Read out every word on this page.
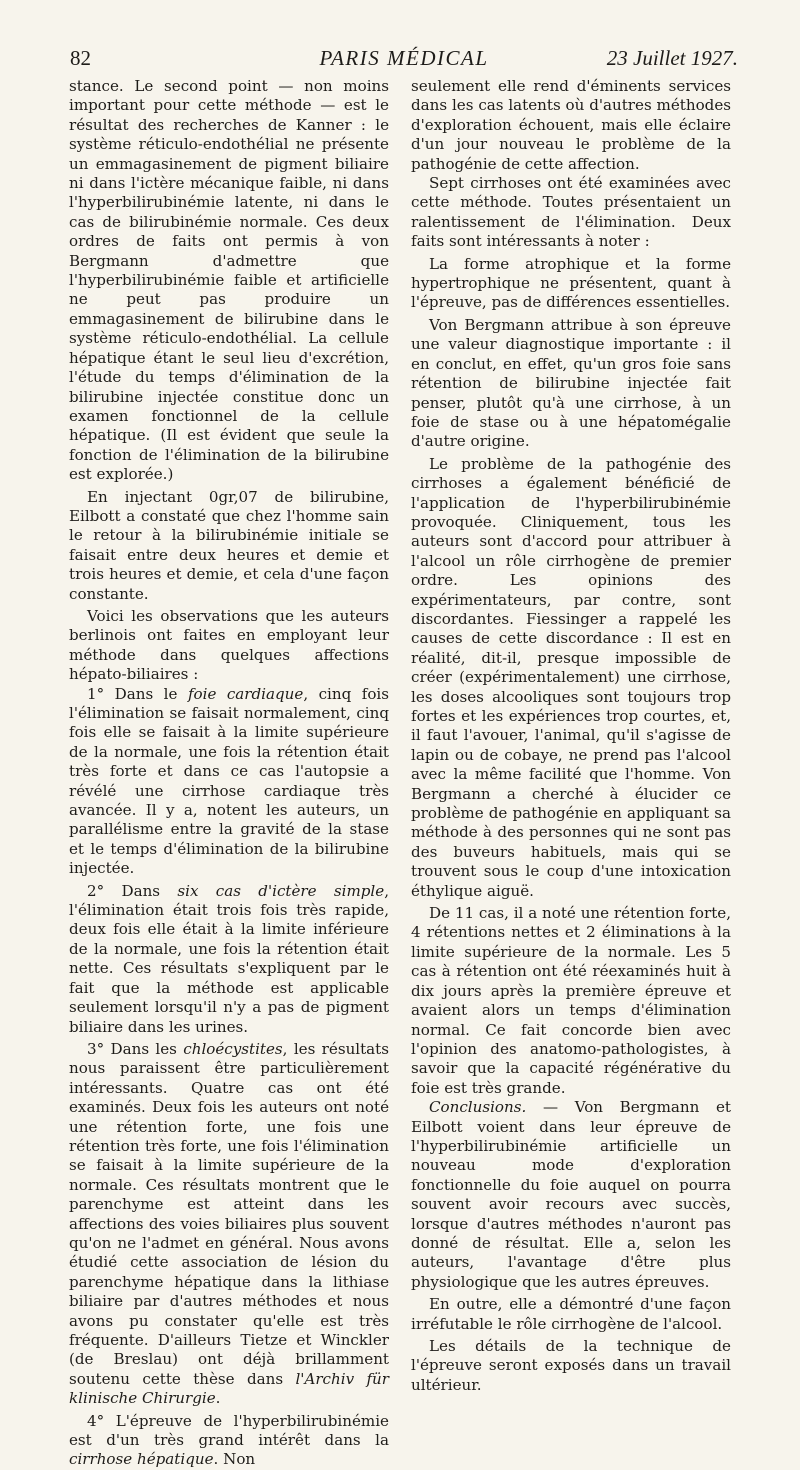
82	PARIS MÉDICAL	23 Juillet 1927.

stance. Le second point — non moins important pour cette méthode — est le résultat des recherches de Kanner : le système réticulo-endothélial ne présente un emmagasinement de pigment biliaire ni dans l'ictère mécanique faible, ni dans l'hyperbilirubinémie latente, ni dans le cas de bilirubinémie normale. Ces deux ordres de faits ont permis à von Bergmann d'admettre que l'hyperbilirubinémie faible et artificielle ne peut pas produire un emmagasinement de bilirubine dans le système réticulo-endothélial. La cellule hépatique étant le seul lieu d'excrétion, l'étude du temps d'élimination de la bilirubine injectée constitue donc un examen fonctionnel de la cellule hépatique. (Il est évident que seule la fonction de l'élimination de la bilirubine est explorée.)

En injectant 0gr,07 de bilirubine, Eilbott a constaté que chez l'homme sain le retour à la bilirubinémie initiale se faisait entre deux heures et demie et trois heures et demie, et cela d'une façon constante.

Voici les observations que les auteurs berlinois ont faites en employant leur méthode dans quelques affections hépato-biliaires :

1° Dans le foie cardiaque, cinq fois l'élimination se faisait normalement, cinq fois elle se faisait à la limite supérieure de la normale, une fois la rétention était très forte et dans ce cas l'autopsie a révélé une cirrhose cardiaque très avancée. Il y a, notent les auteurs, un parallélisme entre la gravité de la stase et le temps d'élimination de la bilirubine injectée.

2° Dans six cas d'ictère simple, l'élimination était trois fois très rapide, deux fois elle était à la limite inférieure de la normale, une fois la rétention était nette. Ces résultats s'expliquent par le fait que la méthode est applicable seulement lorsqu'il n'y a pas de pigment biliaire dans les urines.

3° Dans les chloécystites, les résultats nous paraissent être particulièrement intéressants. Quatre cas ont été examinés. Deux fois les auteurs ont noté une rétention forte, une fois une rétention très forte, une fois l'élimination se faisait à la limite supérieure de la normale. Ces résultats montrent que le parenchyme est atteint dans les affections des voies biliaires plus souvent qu'on ne l'admet en général. Nous avons étudié cette association de lésion du parenchyme hépatique dans la lithiase biliaire par d'autres méthodes et nous avons pu constater qu'elle est très fréquente. D'ailleurs Tietze et Winckler (de Breslau) ont déjà brillamment soutenu cette thèse dans l'Archiv für klinische Chirurgie.

4° L'épreuve de l'hyperbilirubinémie est d'un très grand intérêt dans la cirrhose hépatique. Non

seulement elle rend d'éminents services dans les cas latents où d'autres méthodes d'exploration échouent, mais elle éclaire d'un jour nouveau le problème de la pathogénie de cette affection.

Sept cirrhoses ont été examinées avec cette méthode. Toutes présentaient un ralentissement de l'élimination. Deux faits sont intéressants à noter :

La forme atrophique et la forme hypertrophique ne présentent, quant à l'épreuve, pas de différences essentielles.

Von Bergmann attribue à son épreuve une valeur diagnostique importante : il en conclut, en effet, qu'un gros foie sans rétention de bilirubine injectée fait penser, plutôt qu'à une cirrhose, à un foie de stase ou à une hépatomégalie d'autre origine.

Le problème de la pathogénie des cirrhoses a également bénéficié de l'application de l'hyperbilirubinémie provoquée. Cliniquement, tous les auteurs sont d'accord pour attribuer à l'alcool un rôle cirrhogène de premier ordre. Les opinions des expérimentateurs, par contre, sont discordantes. Fiessinger a rappelé les causes de cette discordance : Il est en réalité, dit-il, presque impossible de créer (expérimentalement) une cirrhose, les doses alcooliques sont toujours trop fortes et les expériences trop courtes, et, il faut l'avouer, l'animal, qu'il s'agisse de lapin ou de cobaye, ne prend pas l'alcool avec la même facilité que l'homme. Von Bergmann a cherché à élucider ce problème de pathogénie en appliquant sa méthode à des personnes qui ne sont pas des buveurs habituels, mais qui se trouvent sous le coup d'une intoxication éthylique aiguë.

De 11 cas, il a noté une rétention forte, 4 rétentions nettes et 2 éliminations à la limite supérieure de la normale. Les 5 cas à rétention ont été réexaminés huit à dix jours après la première épreuve et avaient alors un temps d'élimination normal. Ce fait concorde bien avec l'opinion des anatomo-pathologistes, à savoir que la capacité régénérative du foie est très grande.

Conclusions. — Von Bergmann et Eilbott voient dans leur épreuve de l'hyperbilirubinémie artificielle un nouveau mode d'exploration fonctionnelle du foie auquel on pourra souvent avoir recours avec succès, lorsque d'autres méthodes n'auront pas donné de résultat. Elle a, selon les auteurs, l'avantage d'être plus physiologique que les autres épreuves.

En outre, elle a démontré d'une façon irréfutable le rôle cirrhogène de l'alcool.

Les détails de la technique de l'épreuve seront exposés dans un travail ultérieur.
